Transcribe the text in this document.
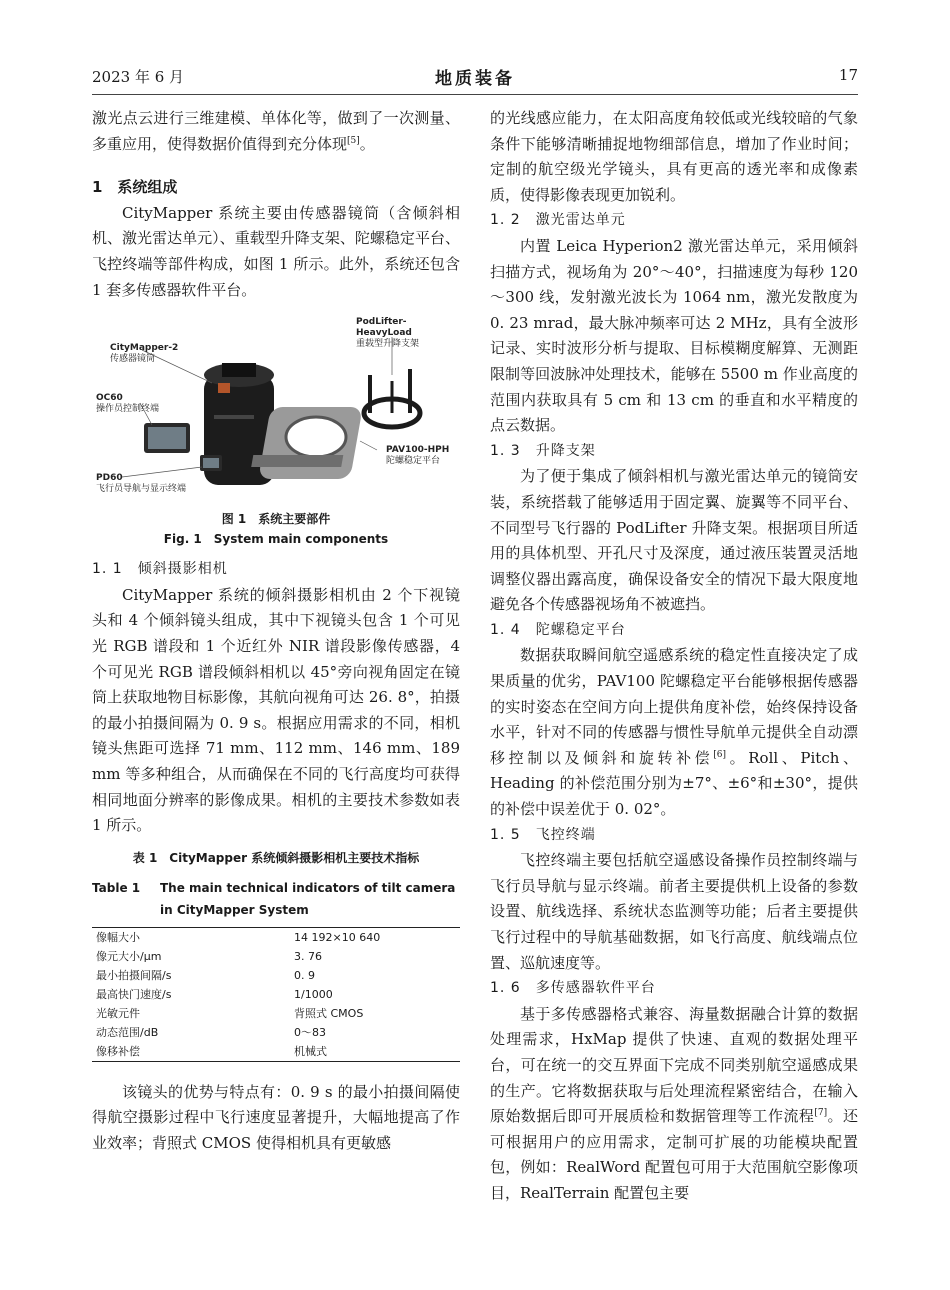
2023 年 6 月	地质装备	17

激光点云进行三维建模、单体化等，做到了一次测量、多重应用，使得数据价值得到充分体现[5]。

1　系统组成

CityMapper 系统主要由传感器镜筒（含倾斜相机、激光雷达单元）、重载型升降支架、陀螺稳定平台、飞控终端等部件构成，如图 1 所示。此外，系统还包含 1 套多传感器软件平台。

CityMapper-2
传感器镜筒
OC60
操作员控制终端
PD60
飞行员导航与显示终端
PodLifter-HeavyLoad
重载型升降支架
PAV100-HPH
陀螺稳定平台
图 1　系统主要部件
Fig. 1　System main components
1. 1　倾斜摄影相机

CityMapper 系统的倾斜摄影相机由 2 个下视镜头和 4 个倾斜镜头组成，其中下视镜头包含 1 个可见光 RGB 谱段和 1 个近红外 NIR 谱段影像传感器，4 个可见光 RGB 谱段倾斜相机以 45°旁向视角固定在镜筒上获取地物目标影像，其航向视角可达 26. 8°，拍摄的最小拍摄间隔为 0. 9 s。根据应用需求的不同，相机镜头焦距可选择 71 mm、112 mm、146 mm、189 mm 等多种组合，从而确保在不同的飞行高度均可获得相同地面分辨率的影像成果。相机的主要技术参数如表 1 所示。

表 1　CityMapper 系统倾斜摄影相机主要技术指标
Table 1	The main technical indicators of tilt camera in CityMapper System
像幅大小	14 192×10 640
像元大小/μm	3. 76
最小拍摄间隔/s	0. 9
最高快门速度/s	1/1000
光敏元件	背照式 CMOS
动态范围/dB	0～83
像移补偿	机械式

该镜头的优势与特点有：0. 9 s 的最小拍摄间隔使得航空摄影过程中飞行速度显著提升，大幅地提高了作业效率；背照式 CMOS 使得相机具有更敏感

的光线感应能力，在太阳高度角较低或光线较暗的气象条件下能够清晰捕捉地物细部信息，增加了作业时间；定制的航空级光学镜头，具有更高的透光率和成像素质，使得影像表现更加锐利。

1. 2　激光雷达单元

内置 Leica Hyperion2 激光雷达单元，采用倾斜扫描方式，视场角为 20°～40°，扫描速度为每秒 120～300 线，发射激光波长为 1064 nm，激光发散度为 0. 23 mrad，最大脉冲频率可达 2 MHz，具有全波形记录、实时波形分析与提取、目标模糊度解算、无测距限制等回波脉冲处理技术，能够在 5500 m 作业高度的范围内获取具有 5 cm 和 13 cm 的垂直和水平精度的点云数据。

1. 3　升降支架

为了便于集成了倾斜相机与激光雷达单元的镜筒安装，系统搭载了能够适用于固定翼、旋翼等不同平台、不同型号飞行器的 PodLifter 升降支架。根据项目所适用的具体机型、开孔尺寸及深度，通过液压装置灵活地调整仪器出露高度，确保设备安全的情况下最大限度地避免各个传感器视场角不被遮挡。

1. 4　陀螺稳定平台

数据获取瞬间航空遥感系统的稳定性直接决定了成果质量的优劣，PAV100 陀螺稳定平台能够根据传感器的实时姿态在空间方向上提供角度补偿，始终保持设备水平，针对不同的传感器与惯性导航单元提供全自动漂移控制以及倾斜和旋转补偿[6]。Roll、Pitch、Heading 的补偿范围分别为±7°、±6°和±30°，提供的补偿中误差优于 0. 02°。

1. 5　飞控终端

飞控终端主要包括航空遥感设备操作员控制终端与飞行员导航与显示终端。前者主要提供机上设备的参数设置、航线选择、系统状态监测等功能；后者主要提供飞行过程中的导航基础数据，如飞行高度、航线端点位置、巡航速度等。

1. 6　多传感器软件平台

基于多传感器格式兼容、海量数据融合计算的数据处理需求，HxMap 提供了快速、直观的数据处理平台，可在统一的交互界面下完成不同类别航空遥感成果的生产。它将数据获取与后处理流程紧密结合，在输入原始数据后即可开展质检和数据管理等工作流程[7]。还可根据用户的应用需求，定制可扩展的功能模块配置包，例如：RealWord 配置包可用于大范围航空影像项目，RealTerrain 配置包主要
